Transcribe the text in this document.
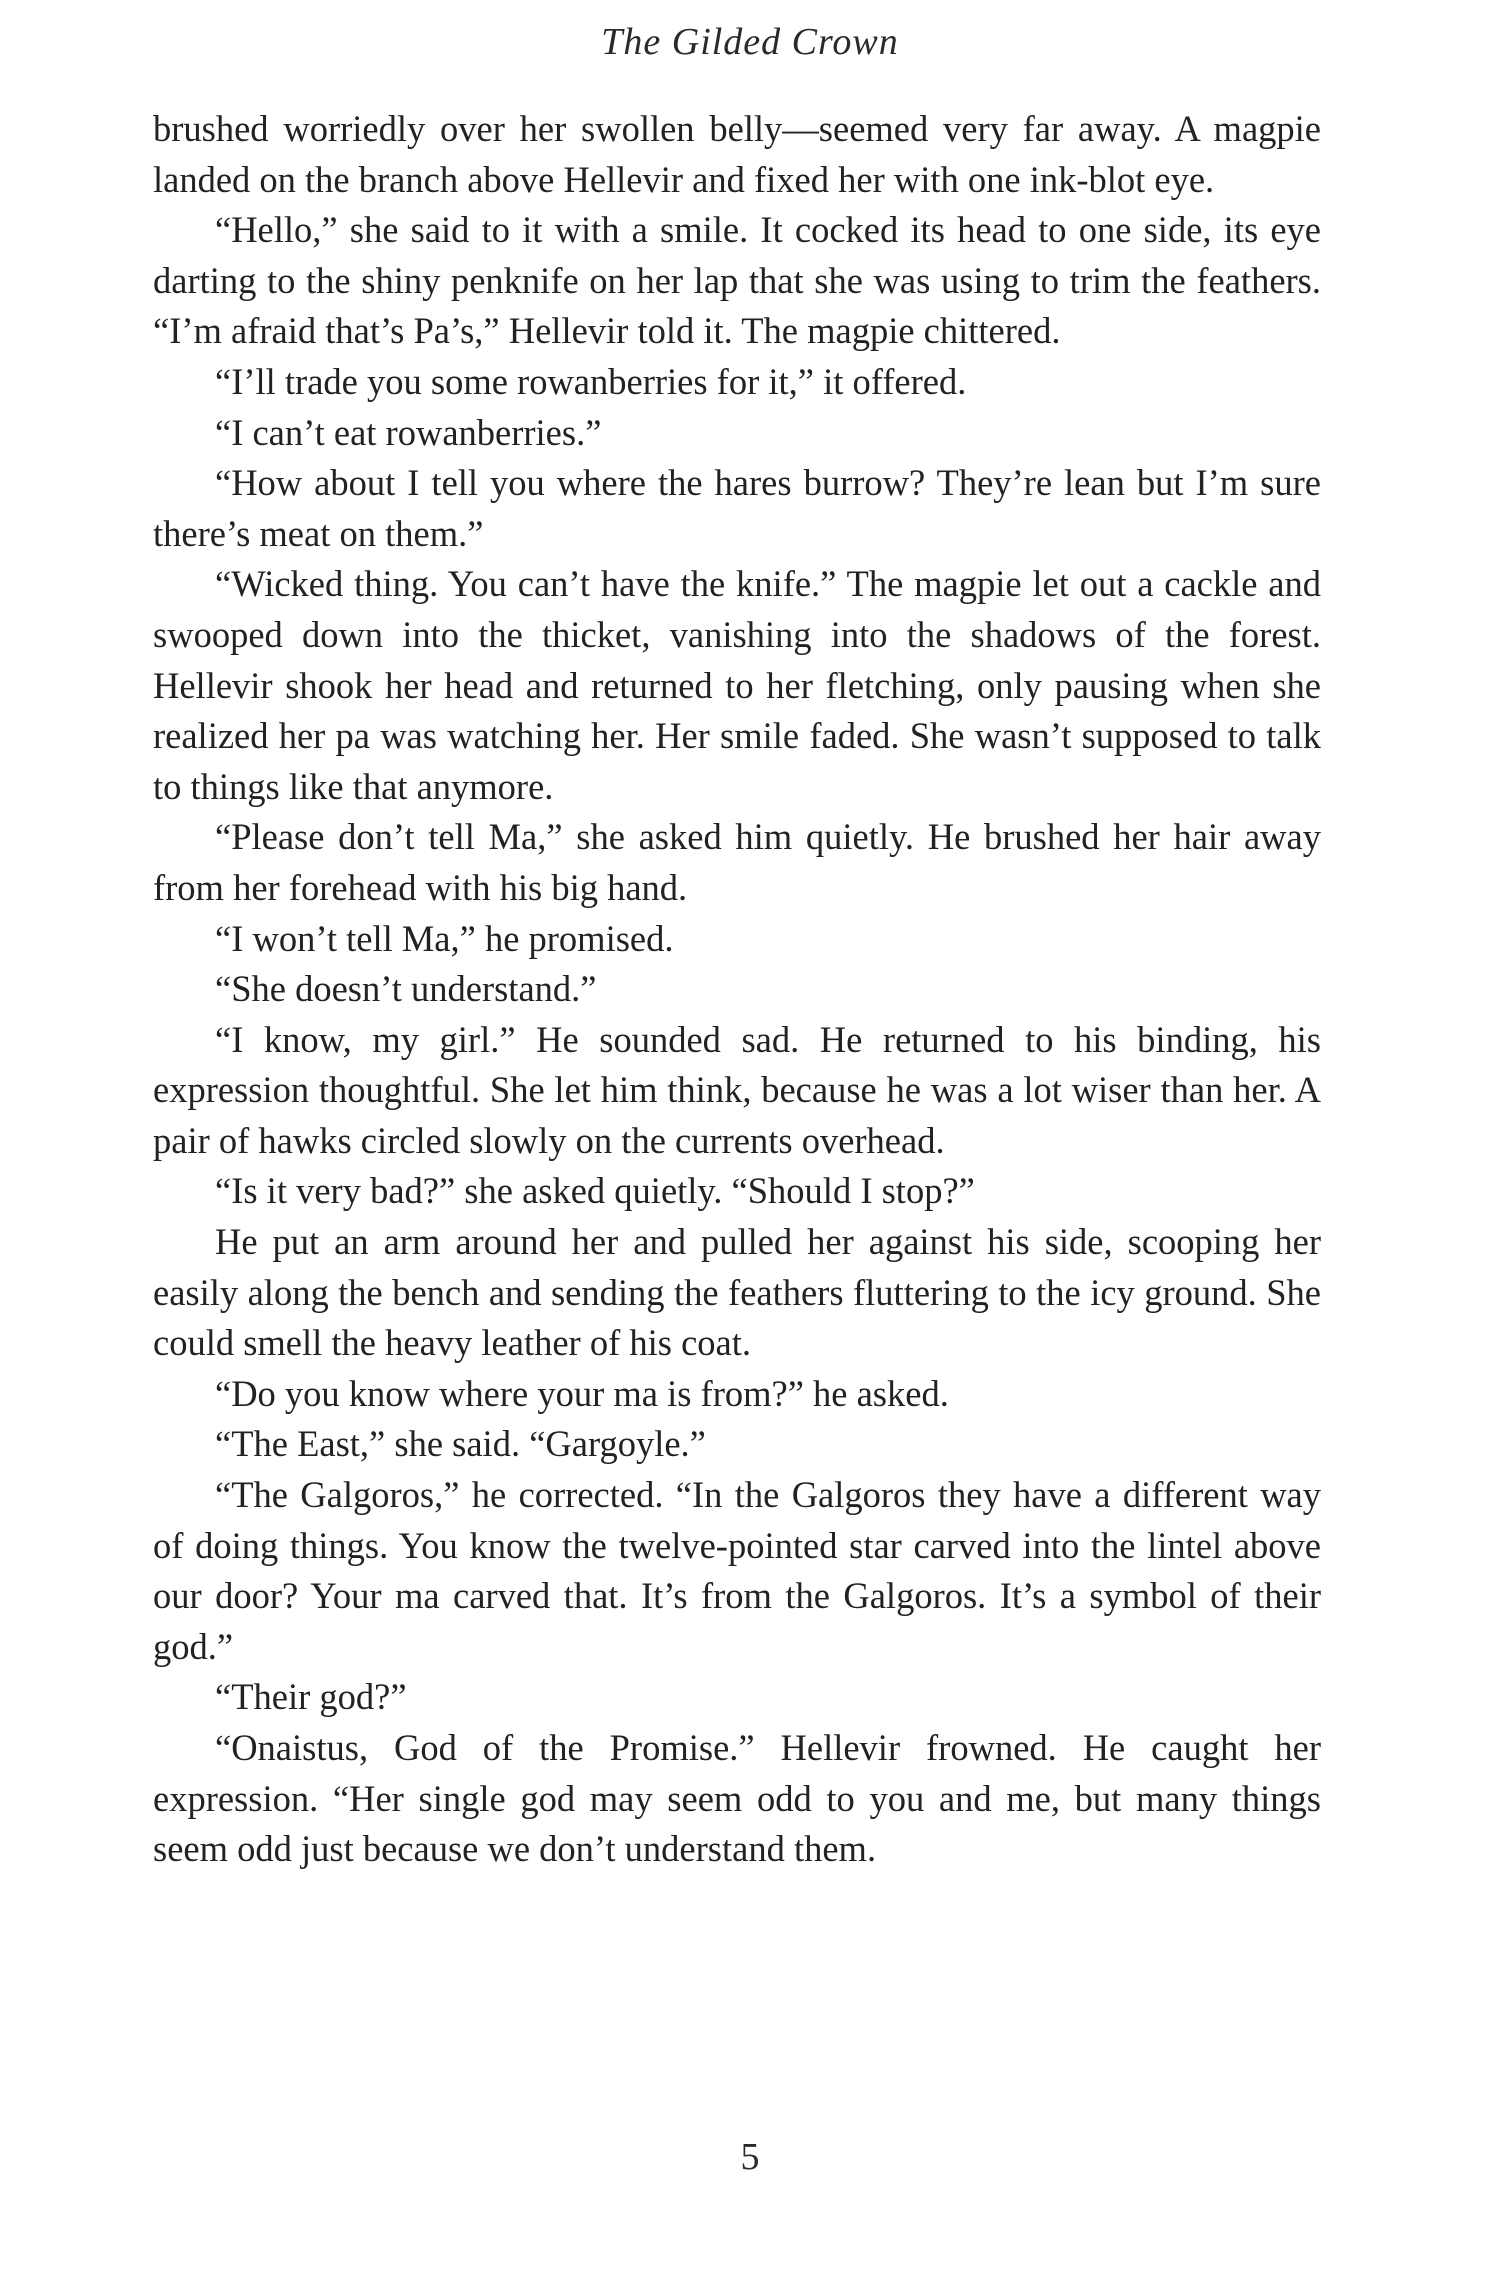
The Gilded Crown

brushed worriedly over her swollen belly—seemed very far away. A magpie landed on the branch above Hellevir and fixed her with one ink-blot eye.

“Hello,” she said to it with a smile. It cocked its head to one side, its eye darting to the shiny penknife on her lap that she was using to trim the feathers. “I’m afraid that’s Pa’s,” Hellevir told it. The magpie chittered.

“I’ll trade you some rowanberries for it,” it offered.

“I can’t eat rowanberries.”

“How about I tell you where the hares burrow? They’re lean but I’m sure there’s meat on them.”

“Wicked thing. You can’t have the knife.” The magpie let out a cackle and swooped down into the thicket, vanishing into the shadows of the forest. Hellevir shook her head and returned to her fletching, only pausing when she realized her pa was watching her. Her smile faded. She wasn’t supposed to talk to things like that anymore.

“Please don’t tell Ma,” she asked him quietly. He brushed her hair away from her forehead with his big hand.

“I won’t tell Ma,” he promised.

“She doesn’t understand.”

“I know, my girl.” He sounded sad. He returned to his binding, his expression thoughtful. She let him think, because he was a lot wiser than her. A pair of hawks circled slowly on the currents overhead.

“Is it very bad?” she asked quietly. “Should I stop?”

He put an arm around her and pulled her against his side, scooping her easily along the bench and sending the feathers fluttering to the icy ground. She could smell the heavy leather of his coat.

“Do you know where your ma is from?” he asked.

“The East,” she said. “Gargoyle.”

“The Galgoros,” he corrected. “In the Galgoros they have a different way of doing things. You know the twelve-pointed star carved into the lintel above our door? Your ma carved that. It’s from the Galgoros. It’s a symbol of their god.”

“Their god?”

“Onaistus, God of the Promise.” Hellevir frowned. He caught her expression. “Her single god may seem odd to you and me, but many things seem odd just because we don’t understand them.

5
